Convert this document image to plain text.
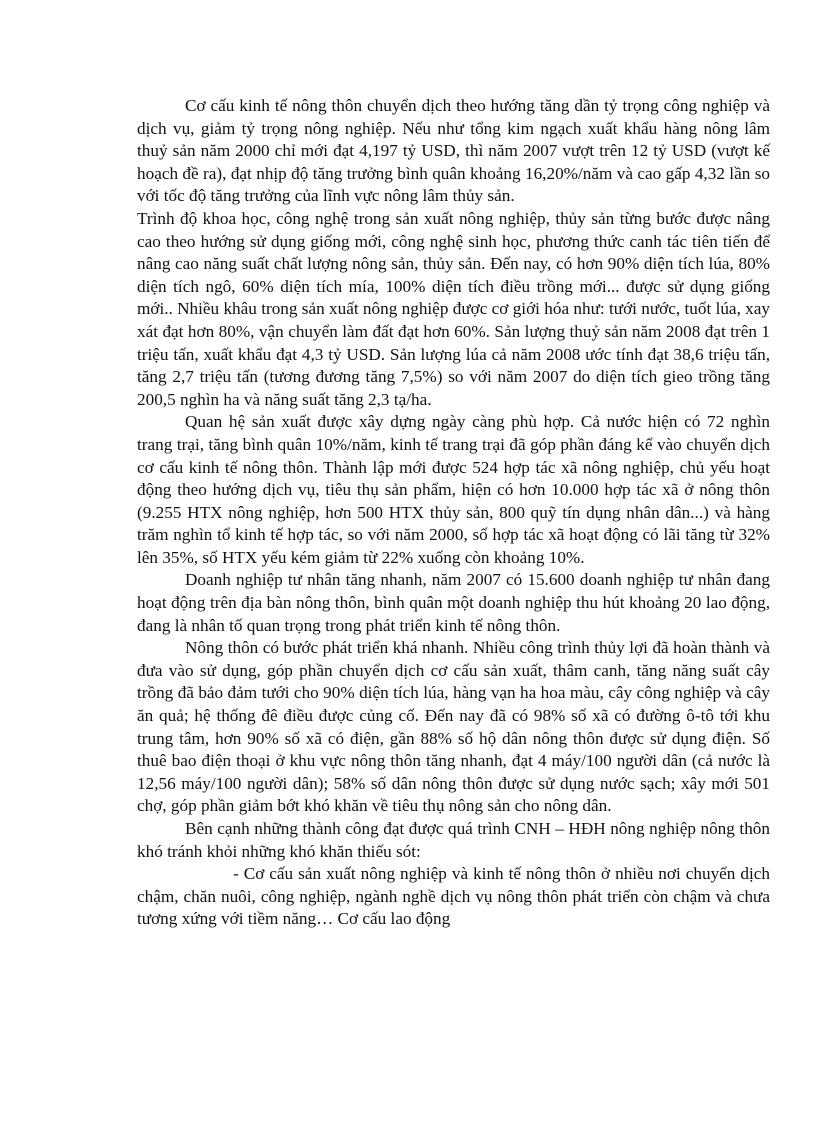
Cơ cấu kinh tế nông thôn chuyển dịch theo hướng tăng dần tỷ trọng công nghiệp và dịch vụ, giảm tỷ trọng nông nghiệp. Nếu như tổng kim ngạch xuất khẩu hàng nông lâm thuỷ sản năm 2000 chỉ mới đạt 4,197 tỷ USD, thì năm 2007 vượt trên 12 tỷ USD (vượt kế hoạch đề ra), đạt nhịp độ tăng trưởng bình quân khoảng 16,20%/năm và cao gấp 4,32 lần so với tốc độ tăng trưởng của lĩnh vực nông lâm thủy sản.

Trình độ khoa học, công nghệ trong sản xuất nông nghiệp, thủy sản từng bước được nâng cao theo hướng sử dụng giống mới, công nghệ sinh học, phương thức canh tác tiên tiến để nâng cao năng suất chất lượng nông sản, thủy sản. Đến nay, có hơn 90% diện tích lúa, 80% diện tích ngô, 60% diện tích mía, 100% diện tích điều trồng mới... được sử dụng giống mới.. Nhiều khâu trong sản xuất nông nghiệp được cơ giới hóa như: tưới nước, tuốt lúa, xay xát đạt hơn 80%, vận chuyển làm đất đạt hơn 60%. Sản lượng thuỷ sản năm 2008 đạt trên 1 triệu tấn, xuất khẩu đạt 4,3 tỷ USD. Sản lượng lúa cả năm 2008 ước tính đạt 38,6 triệu tấn, tăng 2,7 triệu tấn (tương đương tăng 7,5%) so với năm 2007 do diện tích gieo trồng tăng 200,5 nghìn ha và năng suất tăng 2,3 tạ/ha.

Quan hệ sản xuất được xây dựng ngày càng phù hợp. Cả nước hiện có 72 nghìn trang trại, tăng bình quân 10%/năm, kinh tế trang trại đã góp phần đáng kể vào chuyển dịch cơ cấu kinh tế nông thôn. Thành lập mới được 524 hợp tác xã nông nghiệp, chủ yếu hoạt động theo hướng dịch vụ, tiêu thụ sản phẩm, hiện có hơn 10.000 hợp tác xã ở nông thôn (9.255 HTX nông nghiệp, hơn 500 HTX thủy sản, 800 quỹ tín dụng nhân dân...) và hàng trăm nghìn tổ kinh tế hợp tác, so với năm 2000, số hợp tác xã hoạt động có lãi tăng từ 32% lên 35%, số HTX yếu kém giảm từ 22% xuống còn khoảng 10%.

Doanh nghiệp tư nhân tăng nhanh, năm 2007 có 15.600 doanh nghiệp tư nhân đang hoạt động trên địa bàn nông thôn, bình quân một doanh nghiệp thu hút khoảng 20 lao động, đang là nhân tố quan trọng trong phát triển kinh tế nông thôn.

Nông thôn có bước phát triển khá nhanh. Nhiều công trình thủy lợi đã hoàn thành và đưa vào sử dụng, góp phần chuyển dịch cơ cấu sản xuất, thâm canh, tăng năng suất cây trồng đã bảo đảm tưới cho 90% diện tích lúa, hàng vạn ha hoa màu, cây công nghiệp và cây ăn quả; hệ thống đê điều được củng cố. Đến nay đã có 98% số xã có đường ô-tô tới khu trung tâm, hơn 90% số xã có điện, gần 88% số hộ dân nông thôn được sử dụng điện. Số thuê bao điện thoại ở khu vực nông thôn tăng nhanh, đạt 4 máy/100 người dân (cả nước là 12,56 máy/100 người dân); 58% số dân nông thôn được sử dụng nước sạch; xây mới 501 chợ, góp phần giảm bớt khó khăn về tiêu thụ nông sản cho nông dân.

Bên cạnh những thành công đạt được quá trình CNH – HĐH nông nghiệp nông thôn khó tránh khỏi những khó khăn thiếu sót:

- Cơ cấu sản xuất nông nghiệp và kinh tế nông thôn ở nhiều nơi chuyển dịch chậm, chăn nuôi, công nghiệp, ngành nghề dịch vụ nông thôn phát triển còn chậm và chưa tương xứng với tiềm năng… Cơ cấu lao động
